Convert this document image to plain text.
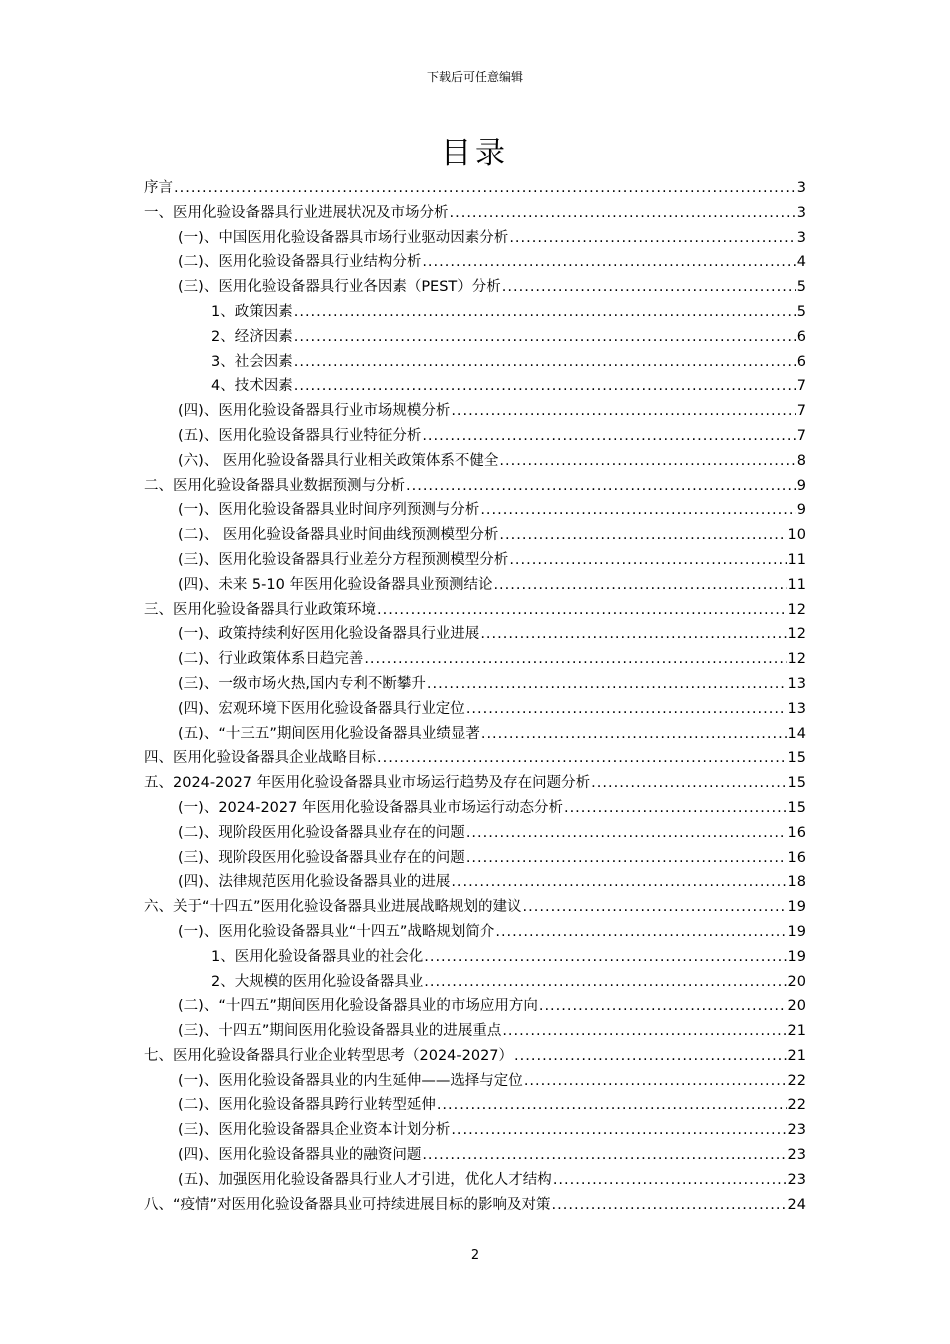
下载后可任意编辑
目录
序言 .....	3
一、医用化验设备器具行业进展状况及市场分析 .....	3
(一)、中国医用化验设备器具市场行业驱动因素分析 .....	3
(二)、医用化验设备器具行业结构分析 .....	4
(三)、医用化验设备器具行业各因素（PEST）分析 .....	5
1、政策因素 .....	5
2、经济因素 .....	6
3、社会因素 .....	6
4、技术因素 .....	7
(四)、医用化验设备器具行业市场规模分析 .....	7
(五)、医用化验设备器具行业特征分析 .....	7
(六)、 医用化验设备器具行业相关政策体系不健全 .....	8
二、医用化验设备器具业数据预测与分析 .....	9
(一)、医用化验设备器具业时间序列预测与分析 .....	9
(二)、 医用化验设备器具业时间曲线预测模型分析 .....	10
(三)、医用化验设备器具行业差分方程预测模型分析 .....	11
(四)、未来 5-10 年医用化验设备器具业预测结论 .....	11
三、医用化验设备器具行业政策环境 .....	12
(一)、政策持续利好医用化验设备器具行业进展 .....	12
(二)、行业政策体系日趋完善 .....	12
(三)、一级市场火热,国内专利不断攀升 .....	13
(四)、宏观环境下医用化验设备器具行业定位 .....	13
(五)、“十三五”期间医用化验设备器具业绩显著 .....	14
四、医用化验设备器具企业战略目标 .....	15
五、2024-2027 年医用化验设备器具业市场运行趋势及存在问题分析 .....	15
(一)、2024-2027 年医用化验设备器具业市场运行动态分析 .....	15
(二)、现阶段医用化验设备器具业存在的问题 .....	16
(三)、现阶段医用化验设备器具业存在的问题 .....	16
(四)、法律规范医用化验设备器具业的进展 .....	18
六、关于“十四五”医用化验设备器具业进展战略规划的建议 .....	19
(一)、医用化验设备器具业“十四五”战略规划简介 .....	19
1、医用化验设备器具业的社会化 .....	19
2、大规模的医用化验设备器具业 .....	20
(二)、“十四五”期间医用化验设备器具业的市场应用方向 .....	20
(三)、十四五”期间医用化验设备器具业的进展重点 .....	21
七、医用化验设备器具行业企业转型思考（2024-2027） .....	21
(一)、医用化验设备器具业的内生延伸——选择与定位 .....	22
(二)、医用化验设备器具跨行业转型延伸 .....	22
(三)、医用化验设备器具企业资本计划分析 .....	23
(四)、医用化验设备器具业的融资问题 .....	23
(五)、加强医用化验设备器具行业人才引进，优化人才结构 .....	23
八、“疫情”对医用化验设备器具业可持续进展目标的影响及对策 .....	24
2
